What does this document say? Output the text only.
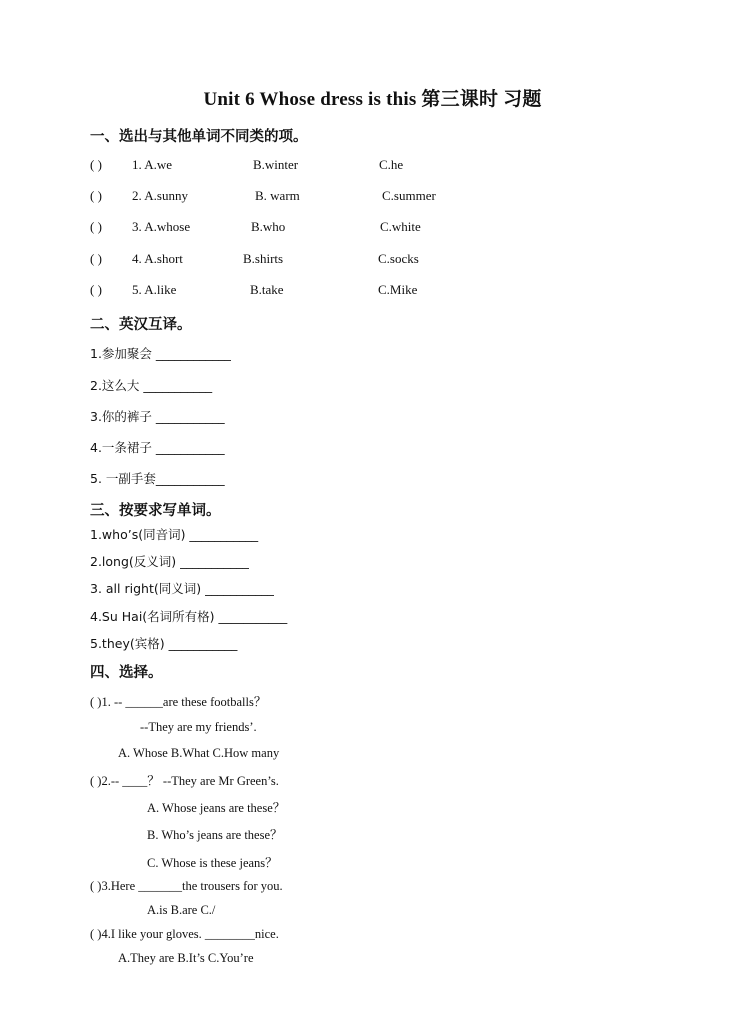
Unit 6 Whose dress is this 第三课时 习题
一、选出与其他单词不同类的项。
( ) 1. A.we	B.winter	C.he
( ) 2. A.sunny	B. warm	C.summer
( ) 3. A.whose	B.who	C.white
( ) 4. A.short	B.shirts	C.socks
( ) 5. A.like	B.take	C.Mike
二、英汉互译。
1.参加聚会 ____________
2.这么大 ___________
3.你的裤子 ___________
4.一条裙子 ___________
5. 一副手套___________
三、按要求写单词。
1.who’s(同音词) ___________
2.long(反义词) ___________
3. all right(同义词) ___________
4.Su Hai(名词所有格) ___________
5.they(宾格) ___________
四、选择。
( )1. -- ______are these footballs？
--They are my friends’.
A. Whose B.What C.How many
( )2.-- ____？ --They are Mr Green’s.
A. Whose jeans are these？
B. Who’s jeans are these？
C. Whose is these jeans？
( )3.Here _______the trousers for you.
A.is B.are C./
( )4.I like your gloves. ________nice.
A.They are B.It’s C.You’re
